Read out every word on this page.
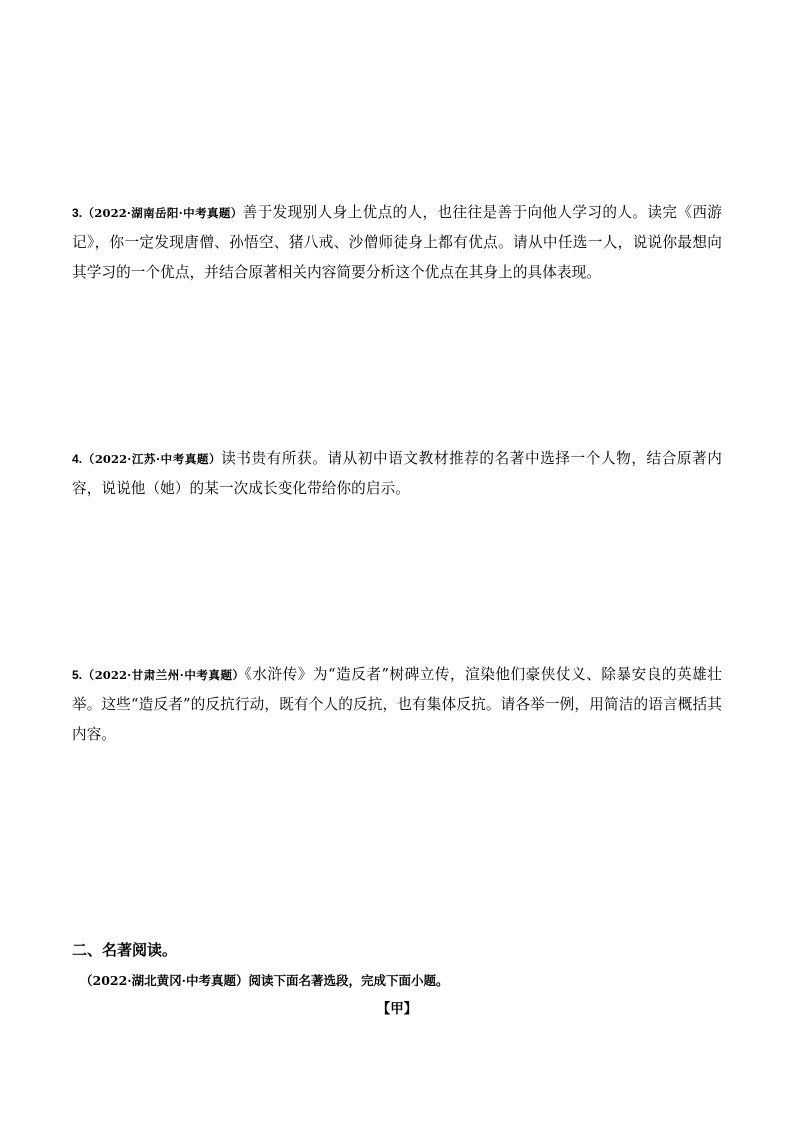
3.（2022·湖南岳阳·中考真题）善于发现别人身上优点的人，也往往是善于向他人学习的人。读完《西游记》，你一定发现唐僧、孙悟空、猪八戒、沙僧师徒身上都有优点。请从中任选一人，说说你最想向其学习的一个优点，并结合原著相关内容简要分析这个优点在其身上的具体表现。
4.（2022·江苏·中考真题）读书贵有所获。请从初中语文教材推荐的名著中选择一个人物，结合原著内容，说说他（她）的某一次成长变化带给你的启示。
5.（2022·甘肃兰州·中考真题）《水浒传》为“造反者”树碑立传，渲染他们豪侠仗义、除暴安良的英雄壮举。这些“造反者”的反抗行动，既有个人的反抗，也有集体反抗。请各举一例，用简洁的语言概括其内容。
二、名著阅读。
（2022·湖北黄冈·中考真题）阅读下面名著选段，完成下面小题。
【甲】
